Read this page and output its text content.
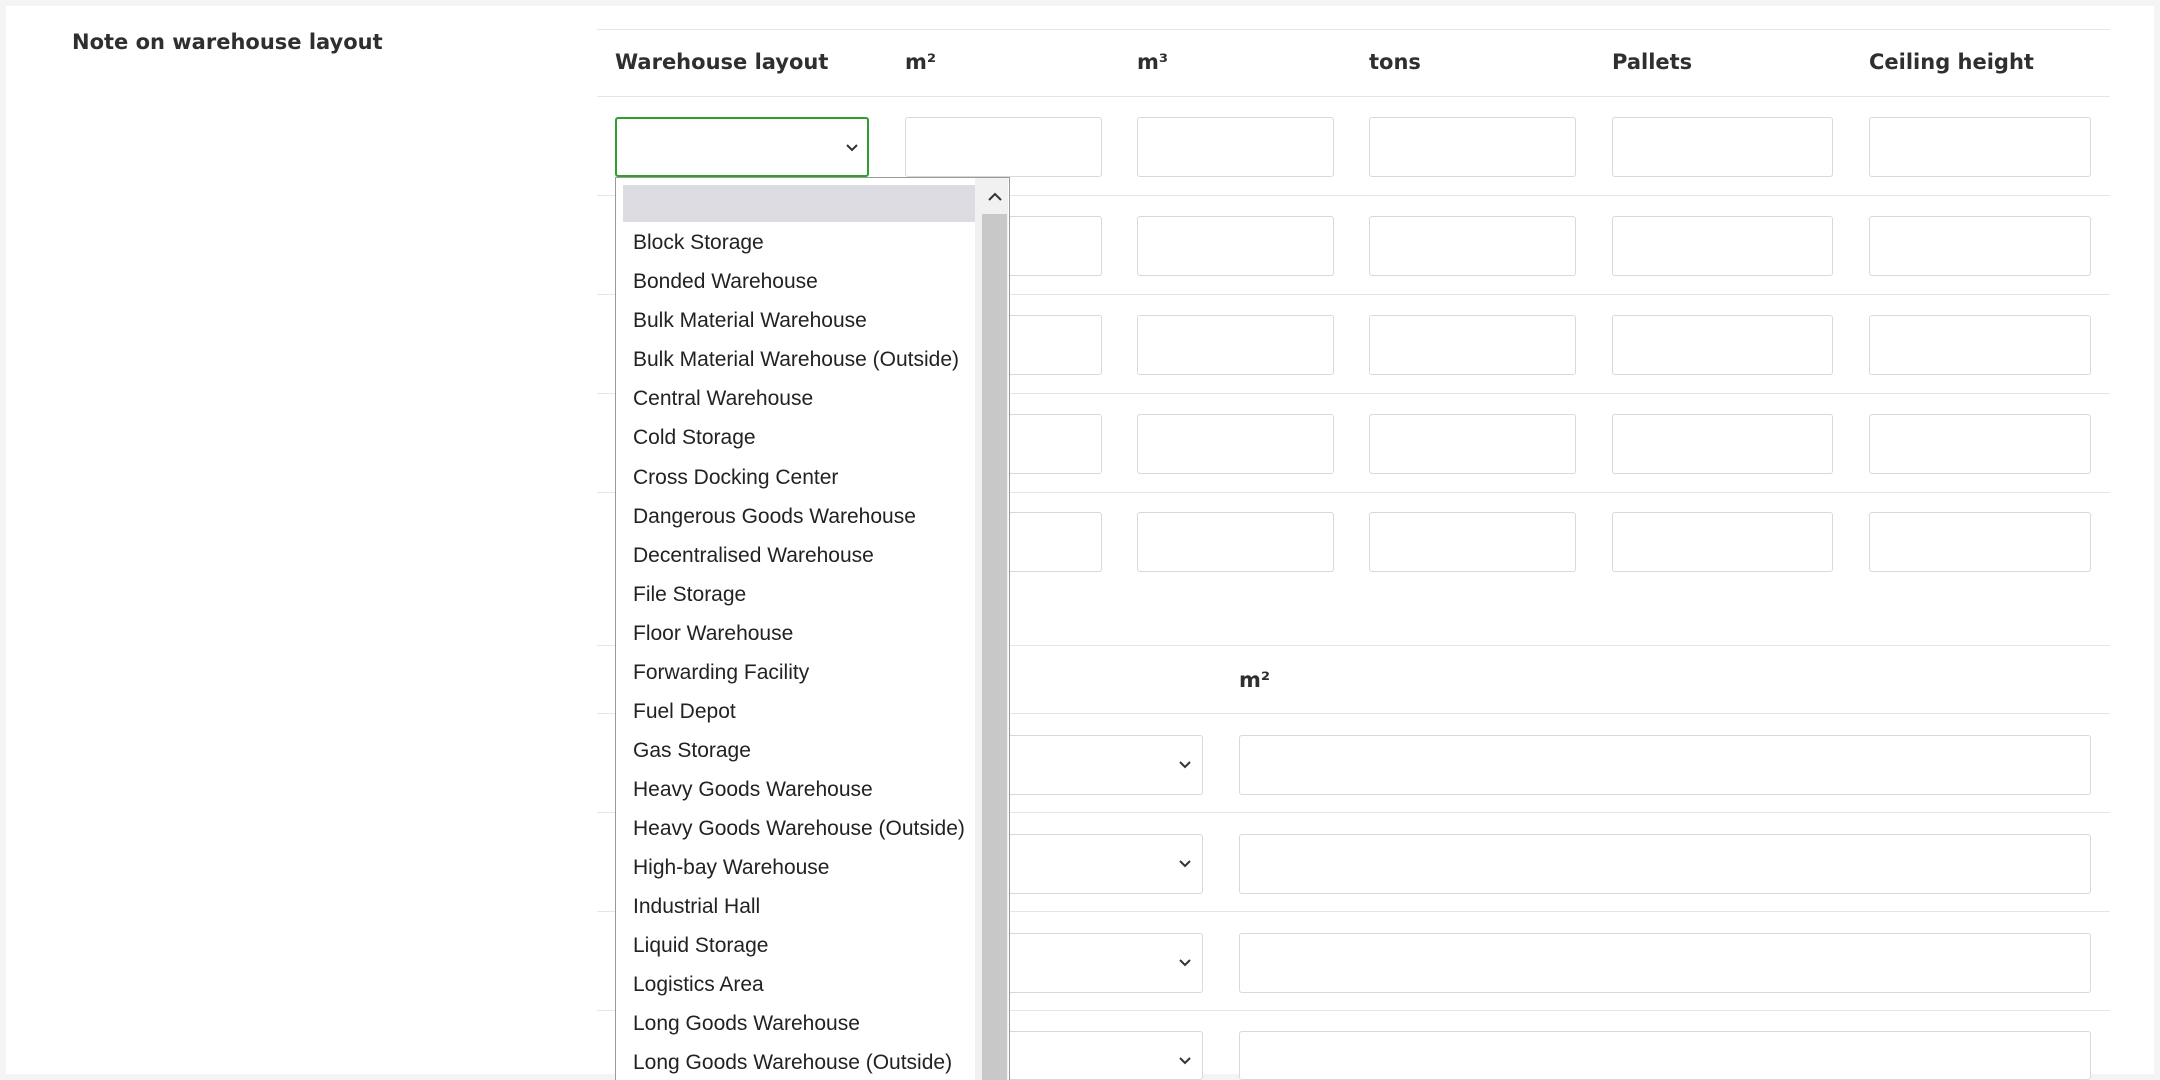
Note on warehouse layout
Warehouse layout	m²	m³	tons	Pallets	Ceiling height
m²
Block Storage
Bonded Warehouse
Bulk Material Warehouse
Bulk Material Warehouse (Outside)
Central Warehouse
Cold Storage
Cross Docking Center
Dangerous Goods Warehouse
Decentralised Warehouse
File Storage
Floor Warehouse
Forwarding Facility
Fuel Depot
Gas Storage
Heavy Goods Warehouse
Heavy Goods Warehouse (Outside)
High-bay Warehouse
Industrial Hall
Liquid Storage
Logistics Area
Long Goods Warehouse
Long Goods Warehouse (Outside)
